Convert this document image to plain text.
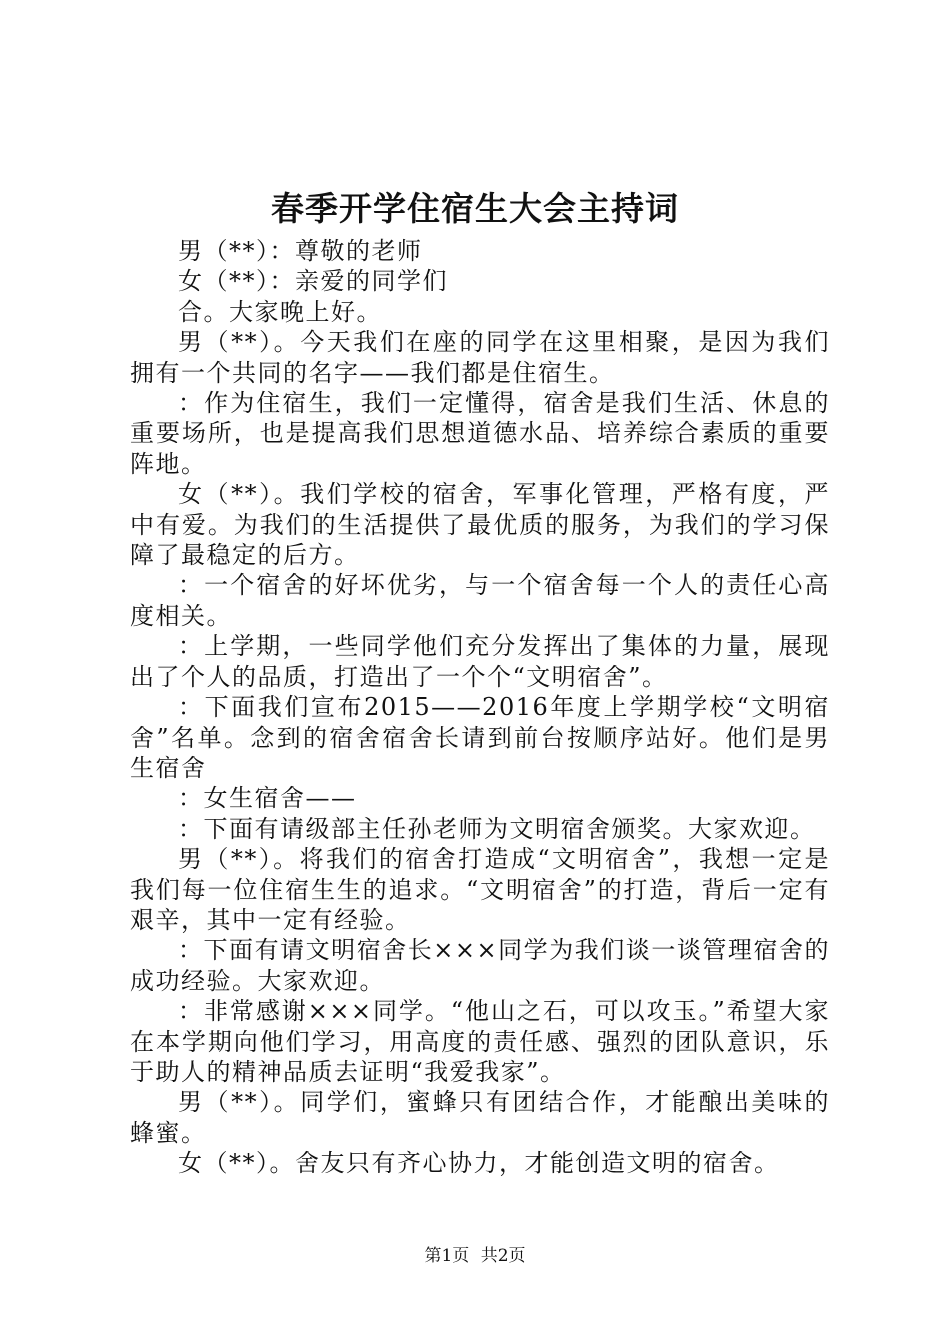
春季开学住宿生大会主持词

男（**）：尊敬的老师

女（**）：亲爱的同学们

合。大家晚上好。

男（**）。今天我们在座的同学在这里相聚，是因为我们拥有一个共同的名字——我们都是住宿生。

：作为住宿生，我们一定懂得，宿舍是我们生活、休息的重要场所，也是提高我们思想道德水品、培养综合素质的重要阵地。

女（**）。我们学校的宿舍，军事化管理，严格有度，严中有爱。为我们的生活提供了最优质的服务，为我们的学习保障了最稳定的后方。

：一个宿舍的好坏优劣，与一个宿舍每一个人的责任心高度相关。

：上学期，一些同学他们充分发挥出了集体的力量，展现出了个人的品质，打造出了一个个“文明宿舍”。

：下面我们宣布2015——2016年度上学期学校“文明宿舍”名单。念到的宿舍宿舍长请到前台按顺序站好。他们是男生宿舍

：女生宿舍——

：下面有请级部主任孙老师为文明宿舍颁奖。大家欢迎。

男（**）。将我们的宿舍打造成“文明宿舍”，我想一定是我们每一位住宿生生的追求。“文明宿舍”的打造，背后一定有艰辛，其中一定有经验。

：下面有请文明宿舍长×××同学为我们谈一谈管理宿舍的成功经验。大家欢迎。

：非常感谢×××同学。“他山之石，可以攻玉。”希望大家在本学期向他们学习，用高度的责任感、强烈的团队意识，乐于助人的精神品质去证明“我爱我家”。

男（**）。同学们，蜜蜂只有团结合作，才能酿出美味的蜂蜜。

女（**）。舍友只有齐心协力，才能创造文明的宿舍。

第1页 共2页
